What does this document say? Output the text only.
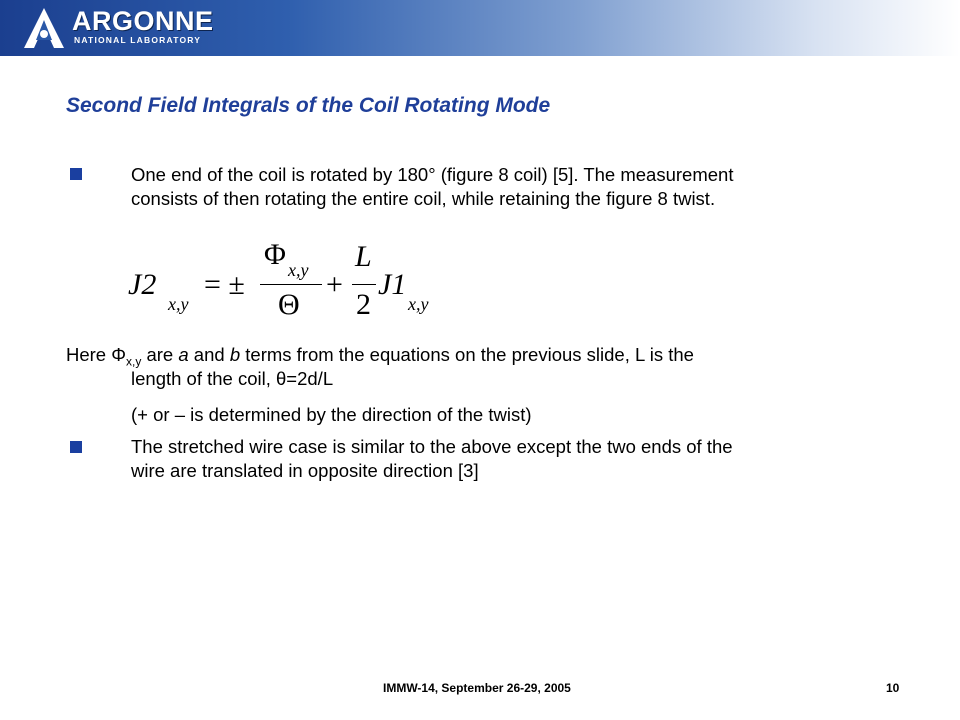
ARGONNE
NATIONAL LABORATORY
Second Field Integrals of the Coil Rotating Mode
One end of the coil is rotated by 180° (figure 8 coil) [5]. The measurement
consists of then rotating the entire coil, while retaining the figure 8 twist.
J2
x,y
= ±
Φ x,y
Θ
+
L
2
J1
x,y
Here $\Phi_{x,y}$ are a and b terms from the equations on the previous slide, L is the
length of the coil, θ=2d/L
(+ or – is determined by the direction of the twist)
The stretched wire case is similar to the above except the two ends of the
wire are translated in opposite direction [3]
IMMW-14, September 26-29, 2005	10
